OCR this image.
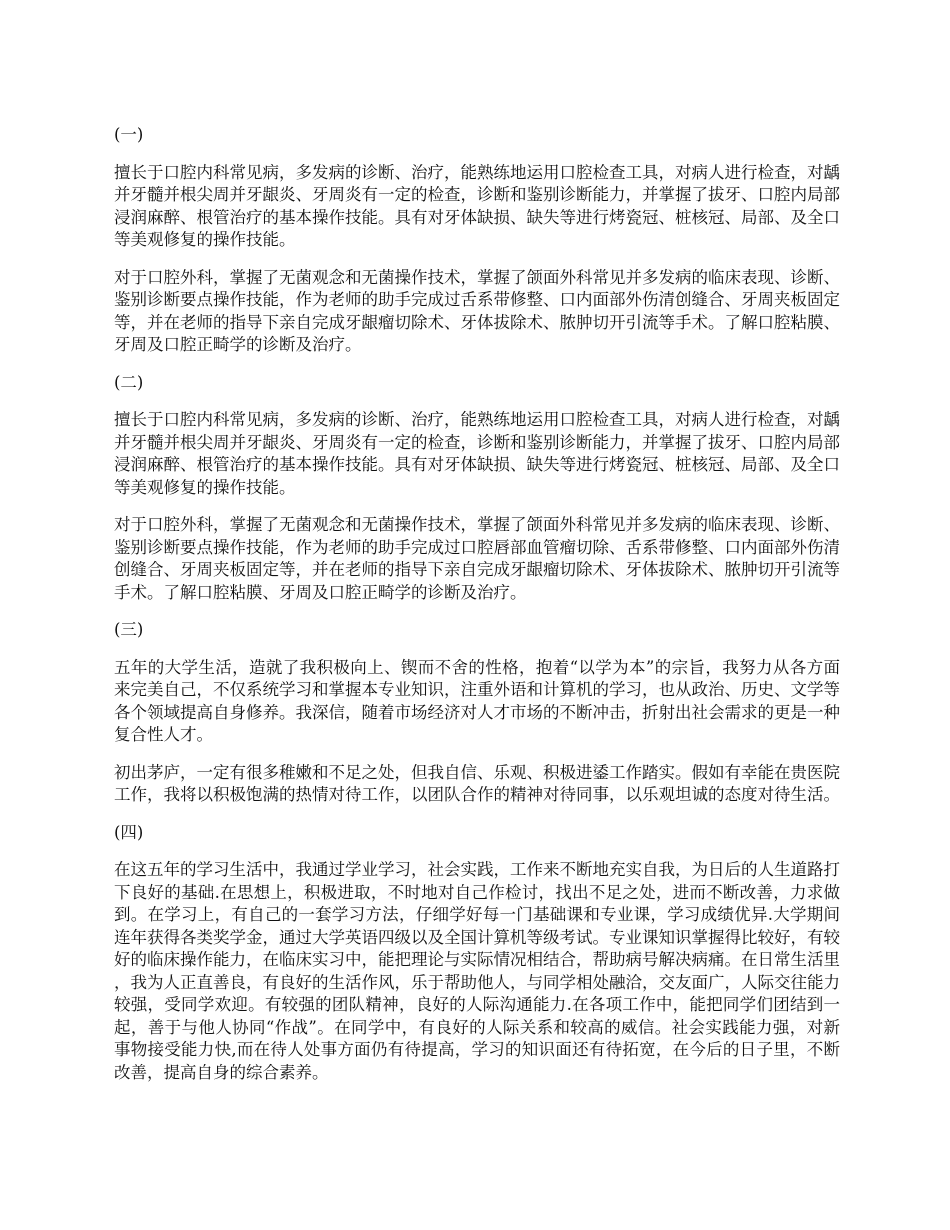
(一)

擅长于口腔内科常见病，多发病的诊断、治疗，能熟练地运用口腔检查工具，对病人进行检查，对龋并牙髓并根尖周并牙龈炎、牙周炎有一定的检查，诊断和鉴别诊断能力，并掌握了拔牙、口腔内局部浸润麻醉、根管治疗的基本操作技能。具有对牙体缺损、缺失等进行烤瓷冠、桩核冠、局部、及全口等美观修复的操作技能。

对于口腔外科，掌握了无菌观念和无菌操作技术，掌握了颌面外科常见并多发病的临床表现、诊断、鉴别诊断要点操作技能，作为老师的助手完成过舌系带修整、口内面部外伤清创缝合、牙周夹板固定等，并在老师的指导下亲自完成牙龈瘤切除术、牙体拔除术、脓肿切开引流等手术。了解口腔粘膜、牙周及口腔正畸学的诊断及治疗。

(二)

擅长于口腔内科常见病，多发病的诊断、治疗，能熟练地运用口腔检查工具，对病人进行检查，对龋并牙髓并根尖周并牙龈炎、牙周炎有一定的检查，诊断和鉴别诊断能力，并掌握了拔牙、口腔内局部浸润麻醉、根管治疗的基本操作技能。具有对牙体缺损、缺失等进行烤瓷冠、桩核冠、局部、及全口等美观修复的操作技能。

对于口腔外科，掌握了无菌观念和无菌操作技术，掌握了颌面外科常见并多发病的临床表现、诊断、鉴别诊断要点操作技能，作为老师的助手完成过口腔唇部血管瘤切除、舌系带修整、口内面部外伤清创缝合、牙周夹板固定等，并在老师的指导下亲自完成牙龈瘤切除术、牙体拔除术、脓肿切开引流等手术。了解口腔粘膜、牙周及口腔正畸学的诊断及治疗。

(三)

五年的大学生活，造就了我积极向上、锲而不舍的性格，抱着“以学为本”的宗旨，我努力从各方面来完美自己，不仅系统学习和掌握本专业知识，注重外语和计算机的学习，也从政治、历史、文学等各个领域提高自身修养。我深信，随着市场经济对人才市场的不断冲击，折射出社会需求的更是一种复合性人才。

初出茅庐，一定有很多稚嫩和不足之处，但我自信、乐观、积极进鋈工作踏实。假如有幸能在贵医院工作，我将以积极饱满的热情对待工作，以团队合作的精神对待同事，以乐观坦诚的态度对待生活。

(四)

在这五年的学习生活中，我通过学业学习，社会实践，工作来不断地充实自我，为日后的人生道路打下良好的基础.在思想上，积极进取，不时地对自己作检讨，找出不足之处，进而不断改善，力求做到。在学习上，有自己的一套学习方法，仔细学好每一门基础课和专业课，学习成绩优异.大学期间连年获得各类奖学金，通过大学英语四级以及全国计算机等级考试。专业课知识掌握得比较好，有较好的临床操作能力，在临床实习中，能把理论与实际情况相结合，帮助病号解决病痛。在日常生活里，我为人正直善良，有良好的生活作风，乐于帮助他人，与同学相处融洽，交友面广，人际交往能力较强，受同学欢迎。有较强的团队精神，良好的人际沟通能力.在各项工作中，能把同学们团结到一起，善于与他人协同“作战”。在同学中，有良好的人际关系和较高的威信。社会实践能力强，对新事物接受能力快,而在待人处事方面仍有待提高，学习的知识面还有待拓宽，在今后的日子里，不断改善，提高自身的综合素养。
